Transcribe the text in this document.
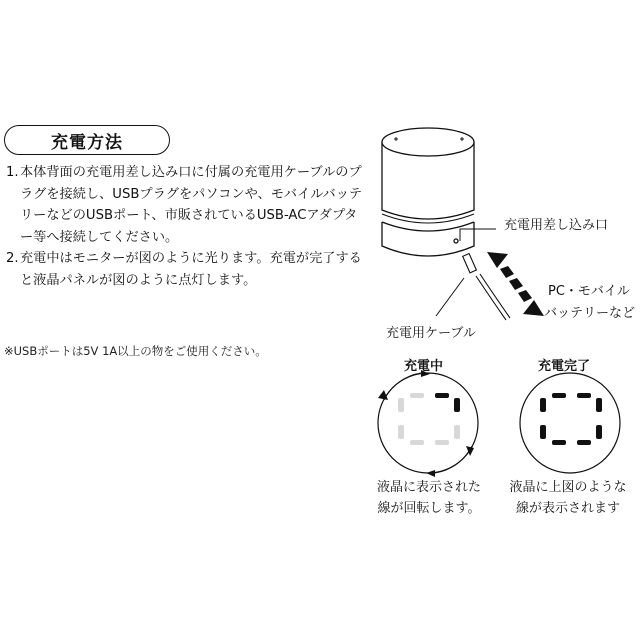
充電方法
1. 本体背面の充電用差し込み口に付属の充電用ケーブルのプラグを接続し、USBプラグをパソコンや、モバイルバッテリーなどのUSBポート、市販されているUSB-ACアダプター等へ接続してください。
2. 充電中はモニターが図のように光ります。充電が完了すると液晶パネルが図のように点灯します。
※USBポートは5V 1A以上の物をご使用ください。
充電用差し込み口
PC・モバイル
バッテリーなど
充電用ケーブル
充電中	充電完了
液晶に表示された
線が回転します。
液晶に上図のような
線が表示されます
